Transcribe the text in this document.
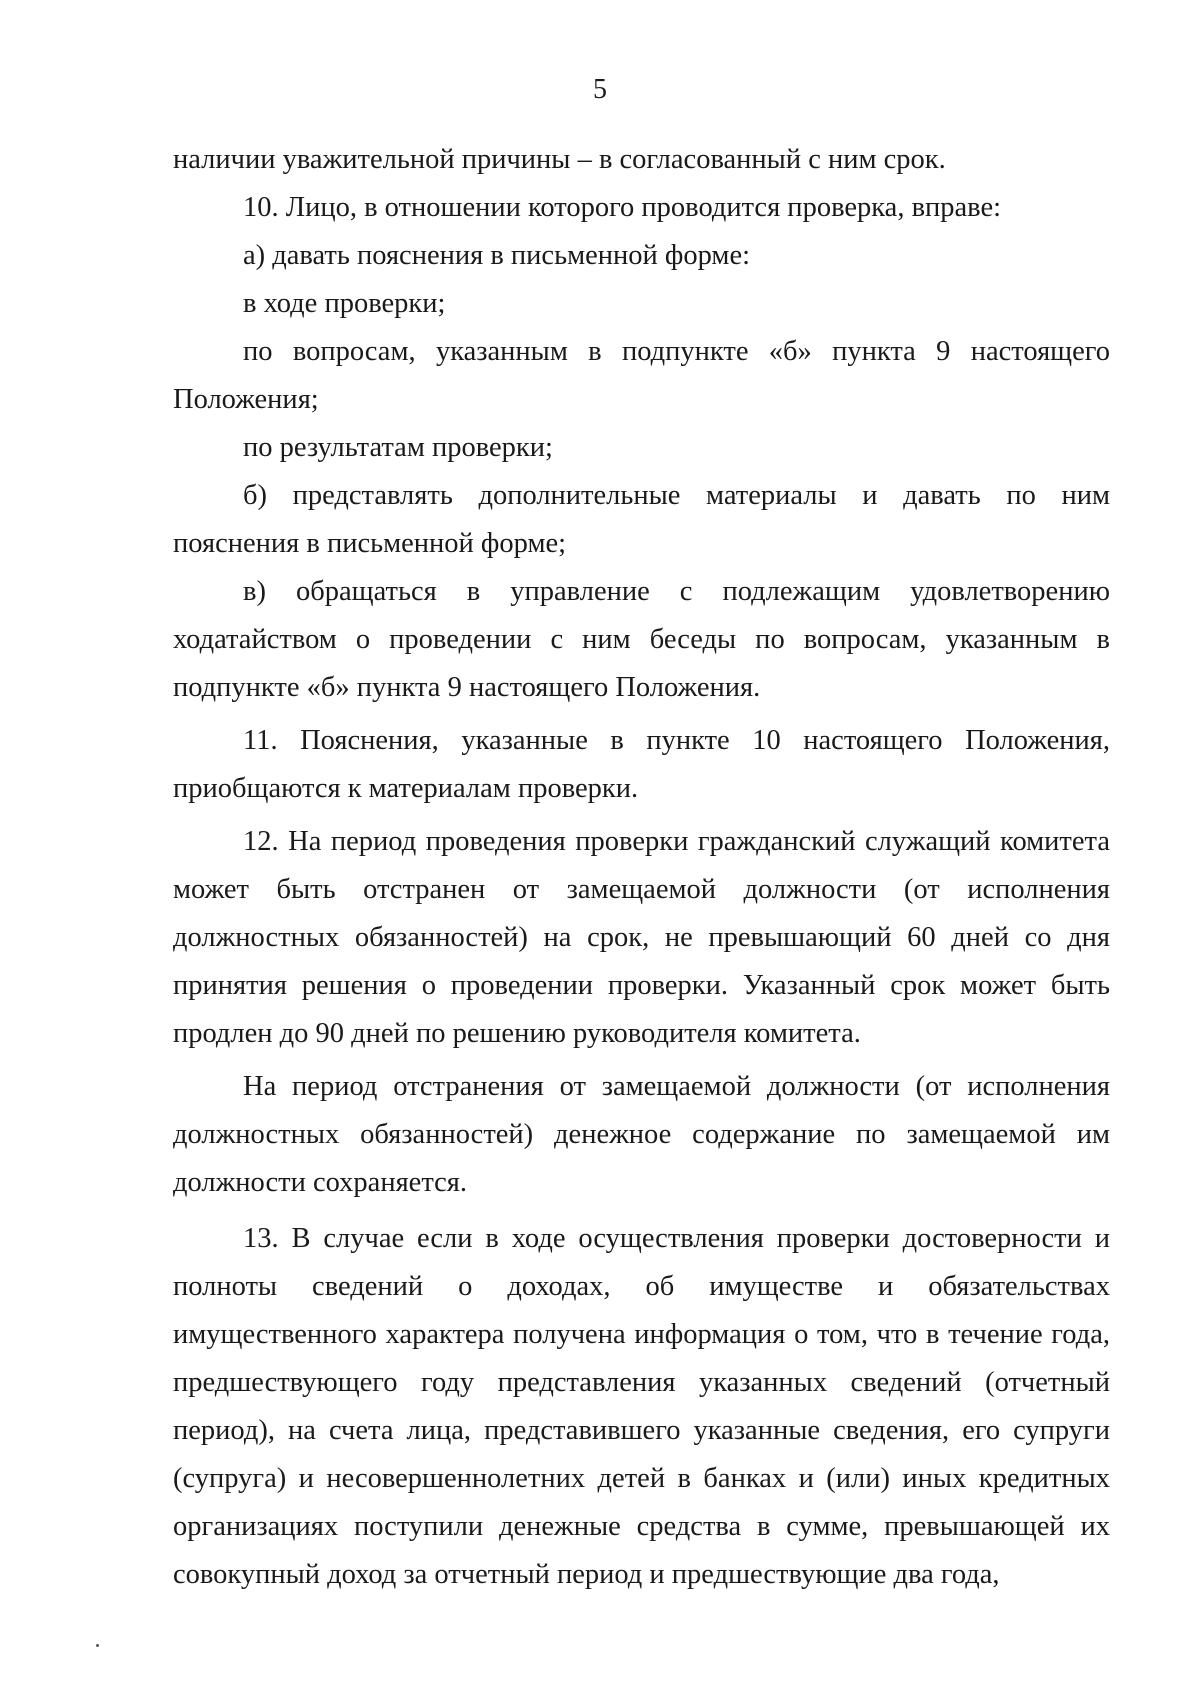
5

наличии уважительной причины – в согласованный с ним срок.

10. Лицо, в отношении которого проводится проверка, вправе:

а) давать пояснения в письменной форме:

в ходе проверки;

по вопросам, указанным в подпункте «б» пункта 9 настоящего Положения;

по результатам проверки;

б) представлять дополнительные материалы и давать по ним пояснения в письменной форме;

в) обращаться в управление с подлежащим удовлетворению ходатайством о проведении с ним беседы по вопросам, указанным в подпункте «б» пункта 9 настоящего Положения.

11. Пояснения, указанные в пункте 10 настоящего Положения, приобщаются к материалам проверки.

12. На период проведения проверки гражданский служащий комитета может быть отстранен от замещаемой должности (от исполнения должностных обязанностей) на срок, не превышающий 60 дней со дня принятия решения о проведении проверки. Указанный срок может быть продлен до 90 дней по решению руководителя комитета.

На период отстранения от замещаемой должности (от исполнения должностных обязанностей) денежное содержание по замещаемой им должности сохраняется.

13. В случае если в ходе осуществления проверки достоверности и полноты сведений о доходах, об имуществе и обязательствах имущественного характера получена информация о том, что в течение года, предшествующего году представления указанных сведений (отчетный период), на счета лица, представившего указанные сведения, его супруги (супруга) и несовершеннолетних детей в банках и (или) иных кредитных организациях поступили денежные средства в сумме, превышающей их совокупный доход за отчетный период и предшествующие два года,
